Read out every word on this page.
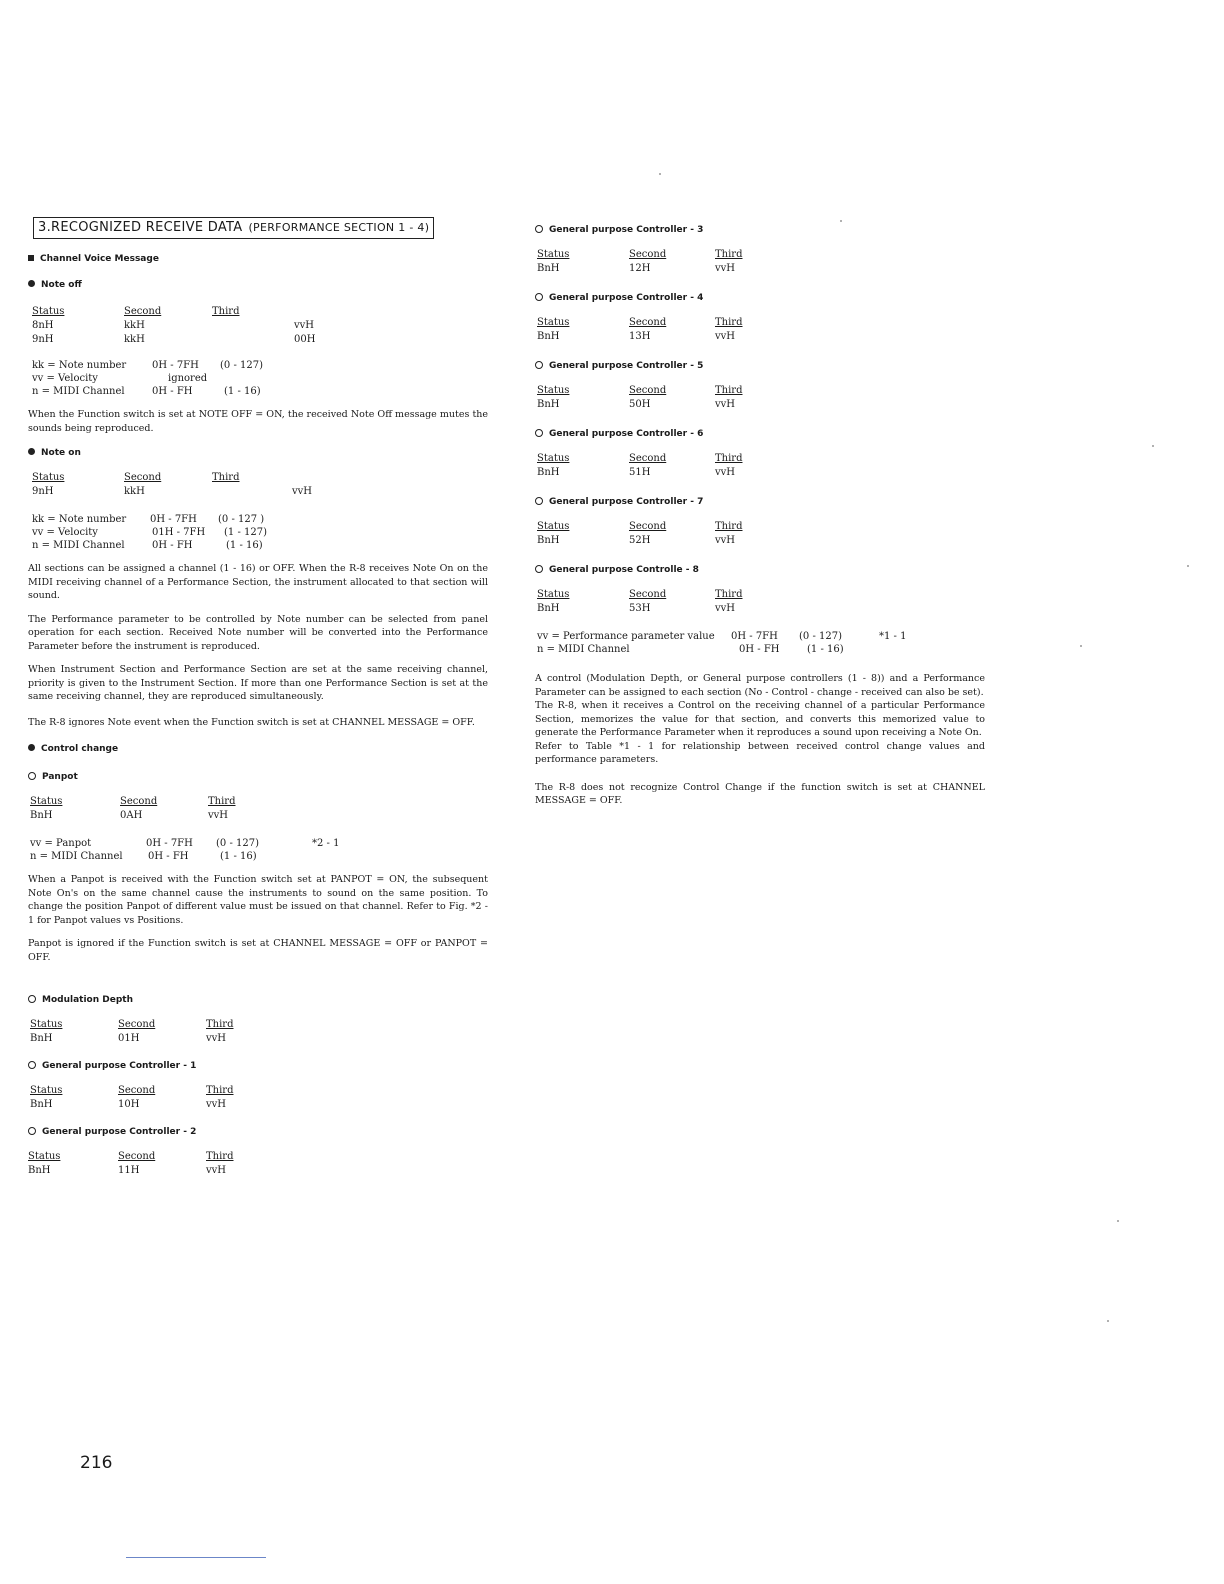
3.RECOGNIZED RECEIVE DATA (PERFORMANCE SECTION 1 - 4)

Channel Voice Message

Note off

Status	Second	Third
8nH	kkH	vvH
9nH	kkH	00H
kk = Note number	0H - 7FH (0 - 127)
vv = Velocity	ignored
n = MIDI Channel	0H - FH	(1 - 16)

When the Function switch is set at NOTE OFF = ON, the received Note Off message mutes the sounds being reproduced.

Note on

Status	Second	Third
9nH	kkH	vvH
kk = Note number 0H - 7FH (0 - 127 )
vv = Velocity	01H - 7FH (1 - 127)
n = MIDI Channel	0H - FH	(1 - 16)

All sections can be assigned a channel (1 - 16) or OFF. When the R-8 receives Note On on the MIDI receiving channel of a Performance Section, the instrument allocated to that section will sound.

The Performance parameter to be controlled by Note number can be selected from panel operation for each section. Received Note number will be converted into the Performance Parameter before the instrument is reproduced.

When Instrument Section and Performance Section are set at the same receiving channel, priority is given to the Instrument Section. If more than one Performance Section is set at the same receiving channel, they are reproduced simultaneously.

The R-8 ignores Note event when the Function switch is set at CHANNEL MESSAGE = OFF.

Control change

Panpot

Status	Second	Third
BnH	0AH	vvH
vv = Panpot	0H - 7FH (0 - 127)	*2 - 1
n = MIDI Channel	0H - FH	(1 - 16)

When a Panpot is received with the Function switch set at PANPOT = ON, the subsequent Note On's on the same channel cause the instruments to sound on the same position. To change the position Panpot of different value must be issued on that channel. Refer to Fig. *2 - 1 for Panpot values vs Positions.

Panpot is ignored if the Function switch is set at CHANNEL MESSAGE = OFF or PANPOT = OFF.

Modulation Depth

Status	Second	Third
BnH	01H	vvH

General purpose Controller - 1

Status	Second	Third
BnH	10H	vvH

General purpose Controller - 2

Status	Second	Third
BnH	11H	vvH

General purpose Controller - 3

Status	Second	Third
BnH	12H	vvH

General purpose Controller - 4

Status	Second	Third
BnH	13H	vvH

General purpose Controller - 5

Status	Second	Third
BnH	50H	vvH

General purpose Controller - 6

Status	Second	Third
BnH	51H	vvH

General purpose Controller - 7

Status	Second	Third
BnH	52H	vvH

General purpose Controlle - 8

Status	Second	Third
BnH	53H	vvH
vv = Performance parameter value 0H - 7FH (0 - 127)	*1 - 1
n = MIDI Channel	0H - FH	(1 - 16)

A control (Modulation Depth, or General purpose controllers (1 - 8)) and a Performance Parameter can be assigned to each section (No - Control - change - received can also be set).

The R-8, when it receives a Control on the receiving channel of a particular Performance Section, memorizes the value for that section, and converts this memorized value to generate the Performance Parameter when it reproduces a sound upon receiving a Note On.

Refer to Table *1 - 1 for relationship between received control change values and performance parameters.

The R-8 does not recognize Control Change if the function switch is set at CHANNEL MESSAGE = OFF.

216
